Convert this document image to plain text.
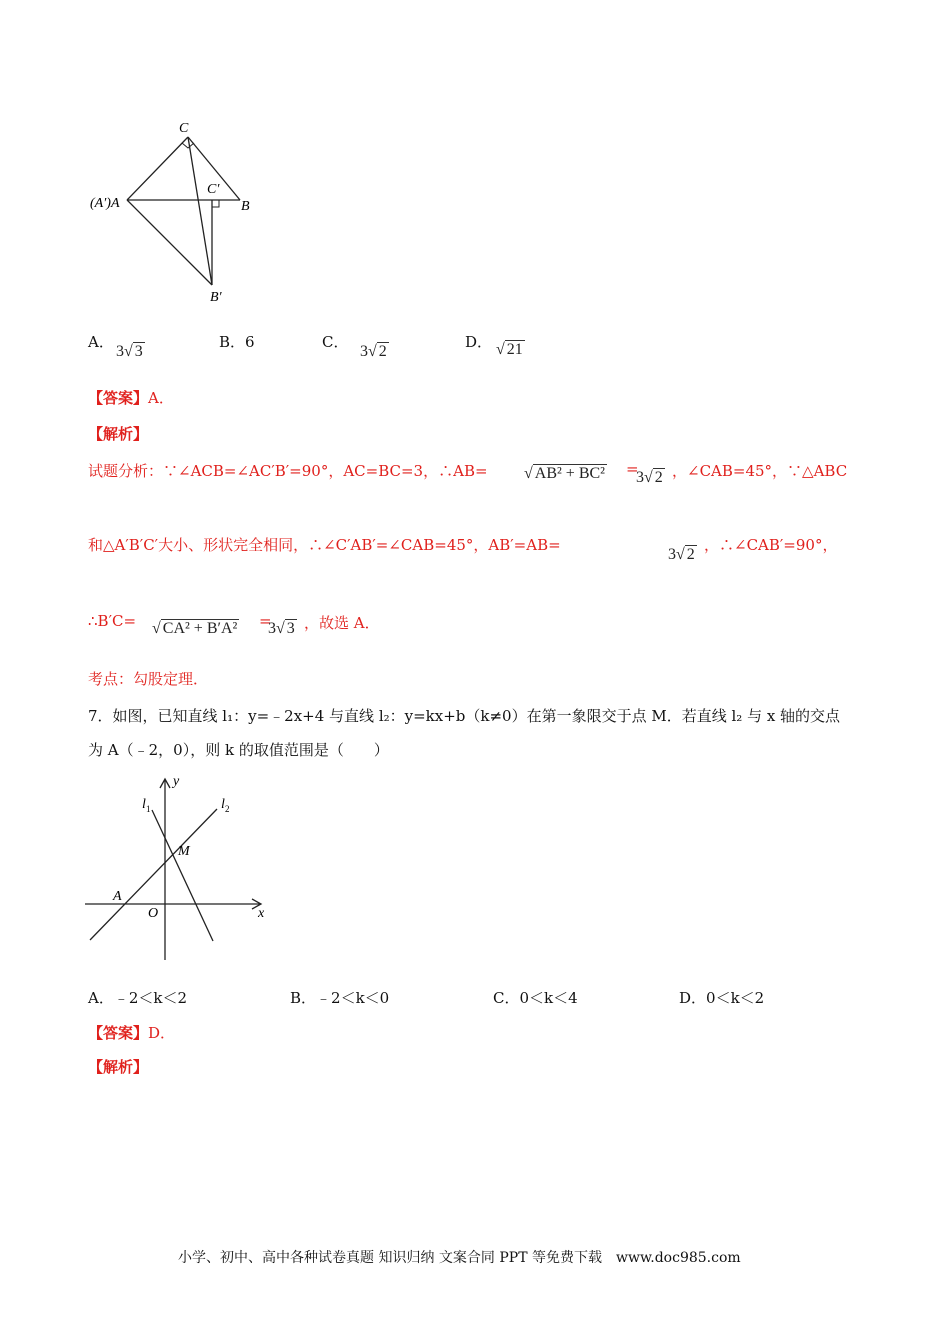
C
C′
(A′)A	B
B′
A．
3√ 3
B．6	C．
3√ 2
D． √ 21
【答案】A．
【解析】
试题分析：∵∠ACB=∠AC′B′=90°，AC=BC=3，∴AB= √ AB² + BC² =
3√ 2 ，∠CAB=45°，∵△ABC
和△A′B′C′大小、形状完全相同，∴∠C′AB′=∠CAB=45°，AB′=AB=
3√ 2
，∴∠CAB′=90°，
∴B′C= √ CA² + B′A² =
3√ 3 ，故选 A．
考点：勾股定理．
7．如图，已知直线 l₁：y=﹣2x+4 与直线 l₂：y=kx+b（k≠0）在第一象限交于点 M．若直线 l₂ 与 x 轴的交点
为 A（﹣2，0），则 k 的取值范围是（　　）
y
x
l 1	l 2
M
A
O
A．﹣2＜k＜2	B．﹣2＜k＜0	C．0＜k＜4	D．0＜k＜2
【答案】D．
【解析】
小学、初中、高中各种试卷真题 知识归纳 文案合同 PPT 等免费下载　www.doc985.com
